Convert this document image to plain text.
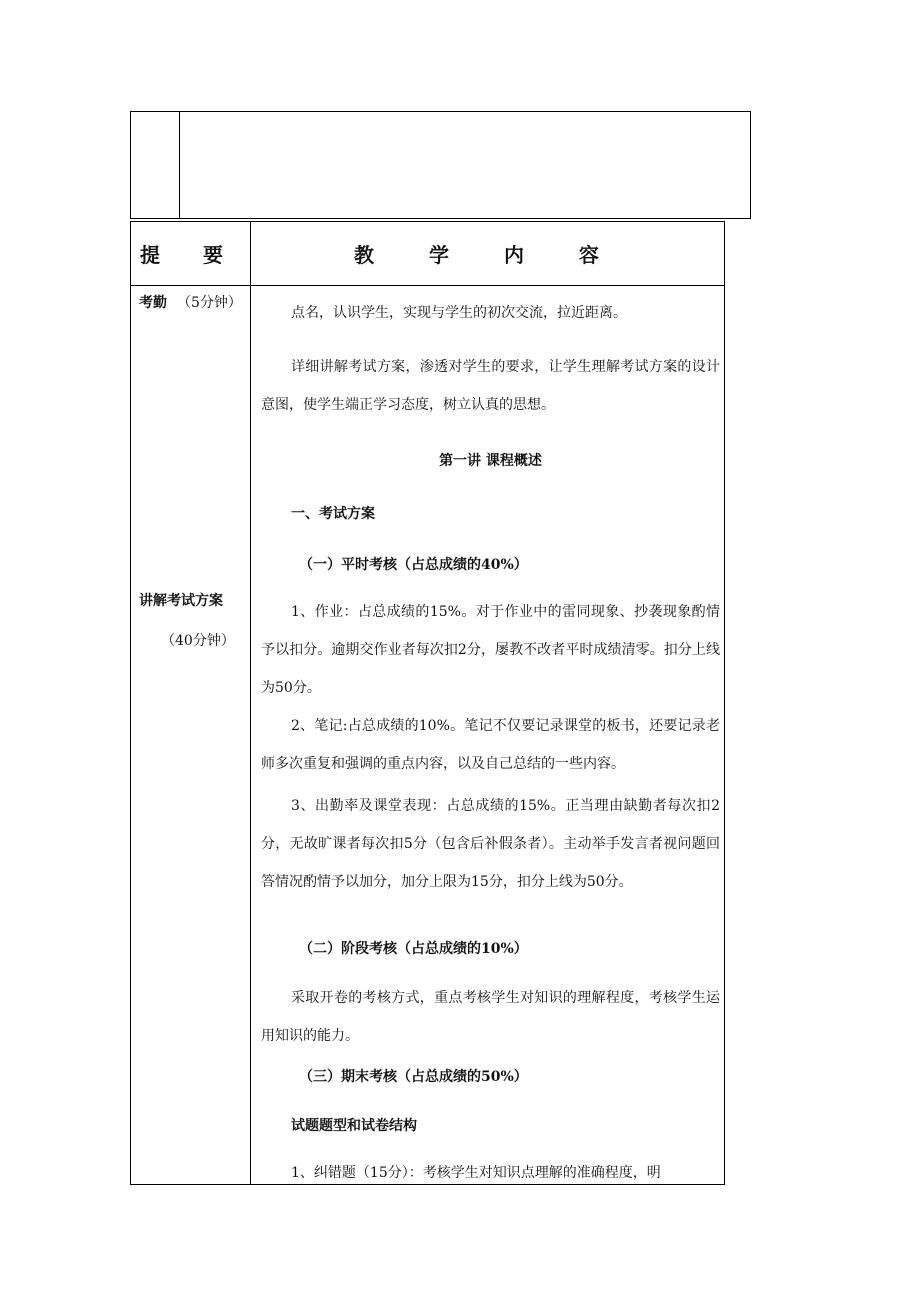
提 要	教 学 内 容
考勤 （5分钟）
讲解考试方案
（40分钟）

点名，认识学生，实现与学生的初次交流，拉近距离。

详细讲解考试方案，渗透对学生的要求，让学生理解考试方案的设计意图，使学生端正学习态度，树立认真的思想。

第一讲 课程概述
一、考试方案
（一）平时考核（占总成绩的40%）

1、作业：占总成绩的15%。对于作业中的雷同现象、抄袭现象酌情予以扣分。逾期交作业者每次扣2分，屡教不改者平时成绩清零。扣分上线为50分。

2、笔记:占总成绩的10%。笔记不仅要记录课堂的板书，还要记录老师多次重复和强调的重点内容，以及自己总结的一些内容。

3、出勤率及课堂表现：占总成绩的15%。正当理由缺勤者每次扣2分，无故旷课者每次扣5分（包含后补假条者）。主动举手发言者视问题回答情况酌情予以加分，加分上限为15分，扣分上线为50分。

（二）阶段考核（占总成绩的10%）

采取开卷的考核方式，重点考核学生对知识的理解程度，考核学生运用知识的能力。

（三）期末考核（占总成绩的50%）
试题题型和试卷结构

1、纠错题（15分）：考核学生对知识点理解的准确程度，明
